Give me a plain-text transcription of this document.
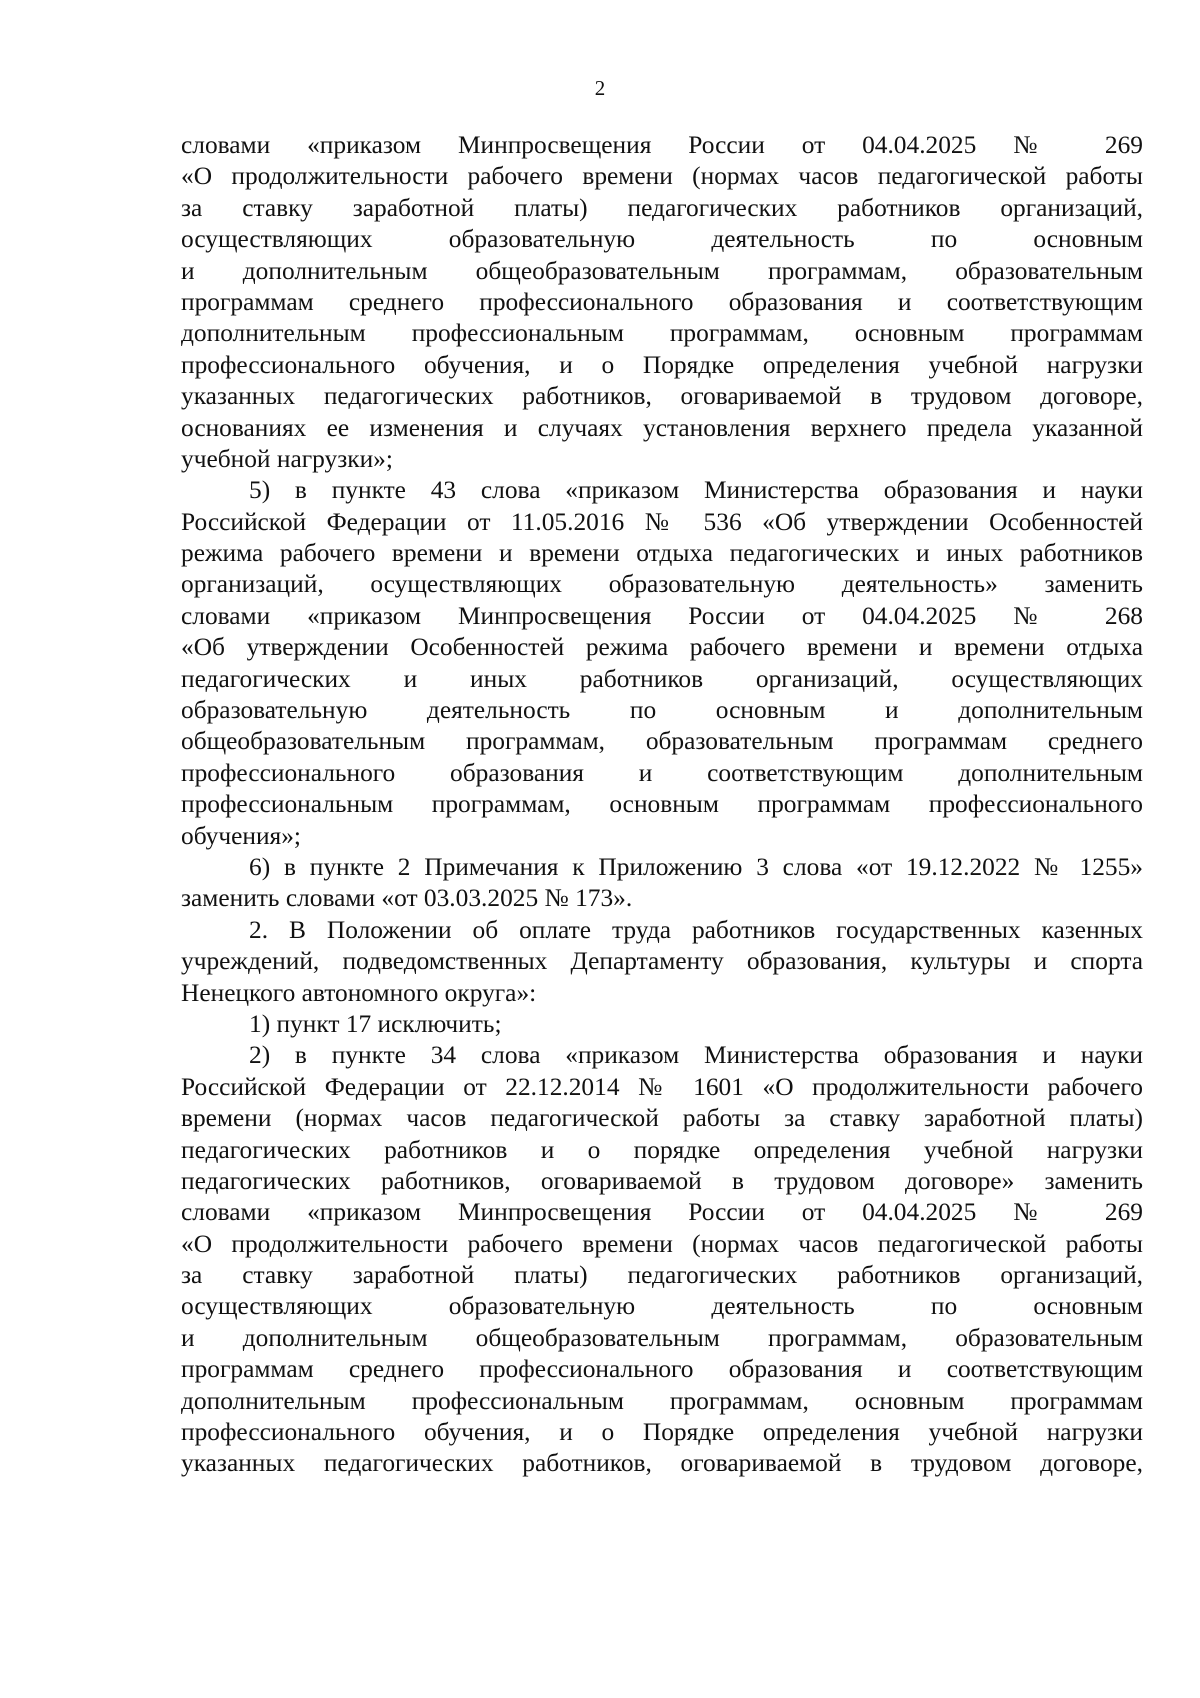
2
словами «приказом Минпросвещения России от 04.04.2025 № 269
«О продолжительности рабочего времени (нормах часов педагогической работы
за ставку заработной платы) педагогических работников организаций,
осуществляющих образовательную деятельность по основным
и дополнительным общеобразовательным программам, образовательным
программам среднего профессионального образования и соответствующим
дополнительным профессиональным программам, основным программам
профессионального обучения, и о Порядке определения учебной нагрузки
указанных педагогических работников, оговариваемой в трудовом договоре,
основаниях ее изменения и случаях установления верхнего предела указанной
учебной нагрузки»;
5) в пункте 43 слова «приказом Министерства образования и науки
Российской Федерации от 11.05.2016 № 536 «Об утверждении Особенностей
режима рабочего времени и времени отдыха педагогических и иных работников
организаций, осуществляющих образовательную деятельность» заменить
словами «приказом Минпросвещения России от 04.04.2025 № 268
«Об утверждении Особенностей режима рабочего времени и времени отдыха
педагогических и иных работников организаций, осуществляющих
образовательную деятельность по основным и дополнительным
общеобразовательным программам, образовательным программам среднего
профессионального образования и соответствующим дополнительным
профессиональным программам, основным программам профессионального
обучения»;
6) в пункте 2 Примечания к Приложению 3 слова «от 19.12.2022 № 1255»
заменить словами «от 03.03.2025 № 173».
2. В Положении об оплате труда работников государственных казенных
учреждений, подведомственных Департаменту образования, культуры и спорта
Ненецкого автономного округа»:
1) пункт 17 исключить;
2) в пункте 34 слова «приказом Министерства образования и науки
Российской Федерации от 22.12.2014 № 1601 «О продолжительности рабочего
времени (нормах часов педагогической работы за ставку заработной платы)
педагогических работников и о порядке определения учебной нагрузки
педагогических работников, оговариваемой в трудовом договоре» заменить
словами «приказом Минпросвещения России от 04.04.2025 № 269
«О продолжительности рабочего времени (нормах часов педагогической работы
за ставку заработной платы) педагогических работников организаций,
осуществляющих образовательную деятельность по основным
и дополнительным общеобразовательным программам, образовательным
программам среднего профессионального образования и соответствующим
дополнительным профессиональным программам, основным программам
профессионального обучения, и о Порядке определения учебной нагрузки
указанных педагогических работников, оговариваемой в трудовом договоре,
